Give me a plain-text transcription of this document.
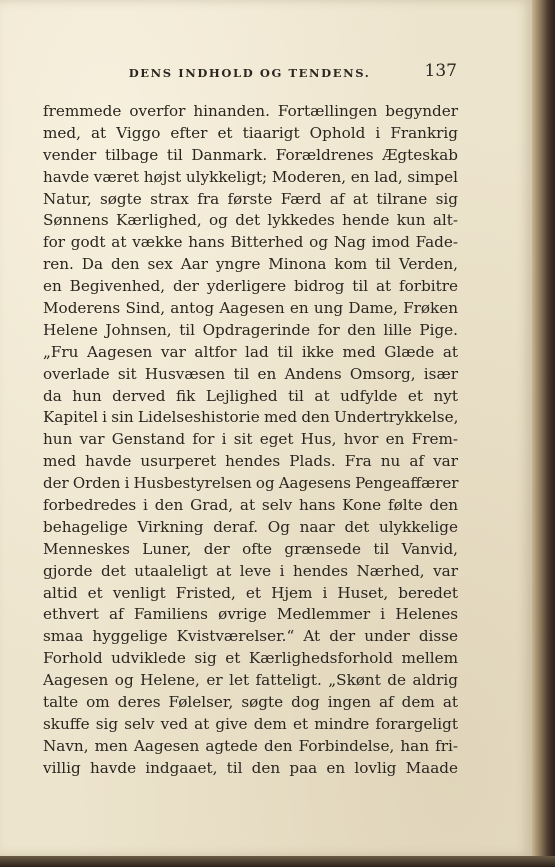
DENS INDHOLD OG TENDENS.	137
fremmede overfor hinanden. Fortællingen begynder
med, at Viggo efter et tiaarigt Ophold i Frankrig
vender tilbage til Danmark. Forældrenes Ægteskab
havde været højst ulykkeligt; Moderen, en lad, simpel
Natur, søgte strax fra første Færd af at tilrane sig
Sønnens Kærlighed, og det lykkedes hende kun alt-
for godt at vække hans Bitterhed og Nag imod Fade-
ren. Da den sex Aar yngre Minona kom til Verden,
en Begivenhed, der yderligere bidrog til at forbitre
Moderens Sind, antog Aagesen en ung Dame, Frøken
Helene Johnsen, til Opdragerinde for den lille Pige.
„Fru Aagesen var altfor lad til ikke med Glæde at
overlade sit Husvæsen til en Andens Omsorg, især
da hun derved fik Lejlighed til at udfylde et nyt
Kapitel i sin Lidelseshistorie med den Undertrykkelse,
hun var Genstand for i sit eget Hus, hvor en Frem-
med havde usurperet hendes Plads. Fra nu af var
der Orden i Husbestyrelsen og Aagesens Pengeaffærer
forbedredes i den Grad, at selv hans Kone følte den
behagelige Virkning deraf. Og naar det ulykkelige
Menneskes Luner, der ofte grænsede til Vanvid,
gjorde det utaaleligt at leve i hendes Nærhed, var
altid et venligt Fristed, et Hjem i Huset, beredet
ethvert af Familiens øvrige Medlemmer i Helenes
smaa hyggelige Kvistværelser.“ At der under disse
Forhold udviklede sig et Kærlighedsforhold mellem
Aagesen og Helene, er let fatteligt. „Skønt de aldrig
talte om deres Følelser, søgte dog ingen af dem at
skuffe sig selv ved at give dem et mindre forargeligt
Navn, men Aagesen agtede den Forbindelse, han fri-
villig havde indgaaet, til den paa en lovlig Maade
